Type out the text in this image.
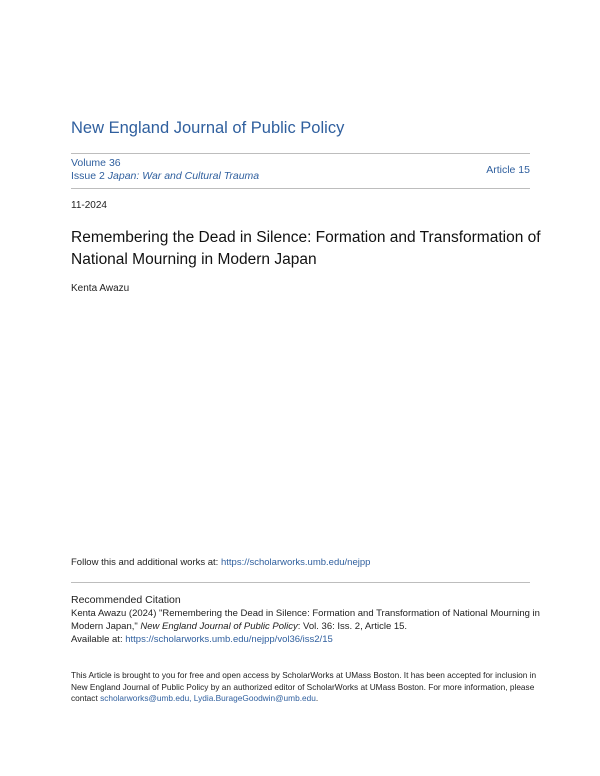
New England Journal of Public Policy
Volume 36
Issue 2 Japan: War and Cultural Trauma	Article 15
11-2024
Remembering the Dead in Silence: Formation and Transformation of National Mourning in Modern Japan
Kenta Awazu
Follow this and additional works at: https://scholarworks.umb.edu/nejpp
Recommended Citation
Kenta Awazu (2024) "Remembering the Dead in Silence: Formation and Transformation of National Mourning in Modern Japan," New England Journal of Public Policy: Vol. 36: Iss. 2, Article 15.
Available at: https://scholarworks.umb.edu/nejpp/vol36/iss2/15
This Article is brought to you for free and open access by ScholarWorks at UMass Boston. It has been accepted for inclusion in New England Journal of Public Policy by an authorized editor of ScholarWorks at UMass Boston. For more information, please contact scholarworks@umb.edu, Lydia.BurageGoodwin@umb.edu.
